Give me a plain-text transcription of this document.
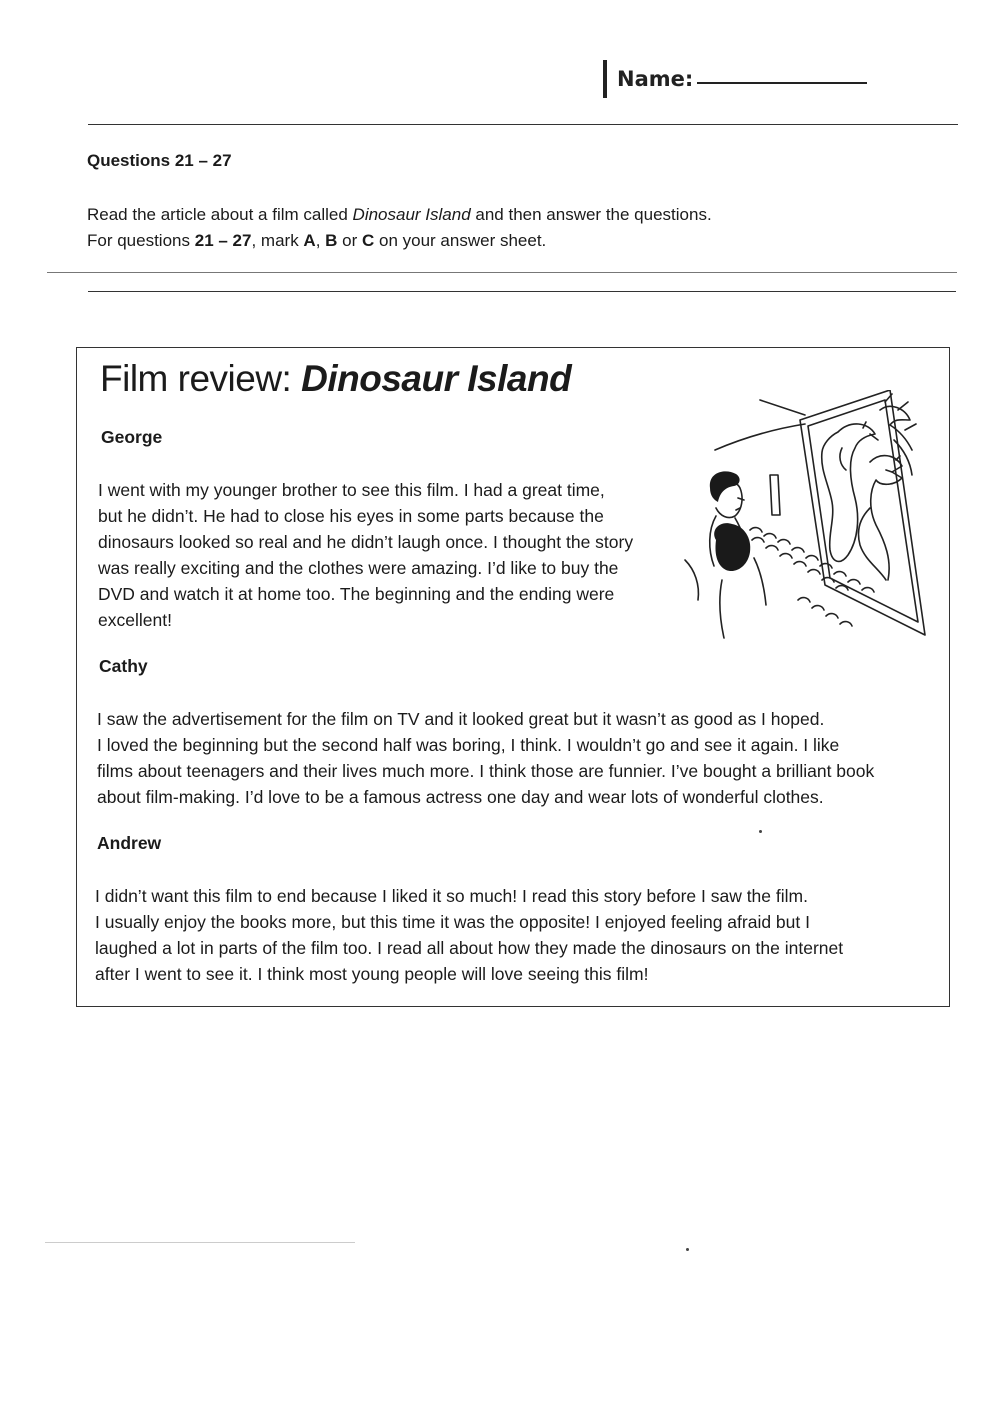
Name:
Questions 21 – 27
Read the article about a film called Dinosaur Island and then answer the questions.
For questions 21 – 27, mark A, B or C on your answer sheet.
Film review: Dinosaur Island
George
I went with my younger brother to see this film. I had a great time,
but he didn’t. He had to close his eyes in some parts because the
dinosaurs looked so real and he didn’t laugh once. I thought the story
was really exciting and the clothes were amazing. I’d like to buy the
DVD and watch it at home too. The beginning and the ending were
excellent!
Cathy
I saw the advertisement for the film on TV and it looked great but it wasn’t as good as I hoped.
I loved the beginning but the second half was boring, I think. I wouldn’t go and see it again. I like
films about teenagers and their lives much more. I think those are funnier. I’ve bought a brilliant book
about film-making. I’d love to be a famous actress one day and wear lots of wonderful clothes.
Andrew
I didn’t want this film to end because I liked it so much! I read this story before I saw the film.
I usually enjoy the books more, but this time it was the opposite! I enjoyed feeling afraid but I
laughed a lot in parts of the film too. I read all about how they made the dinosaurs on the internet
after I went to see it. I think most young people will love seeing this film!
